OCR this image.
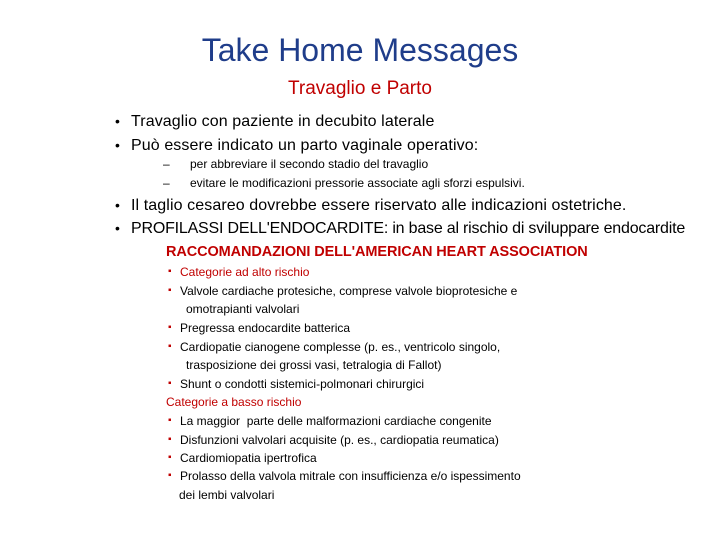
Take Home Messages
Travaglio e Parto
• Travaglio con paziente in decubito laterale
• Può essere indicato un parto vaginale operativo:
– per abbreviare il secondo stadio del travaglio
– evitare le modificazioni pressorie associate agli sforzi espulsivi.
• Il taglio cesareo dovrebbe essere riservato alle indicazioni ostetriche.
• PROFILASSI DELL'ENDOCARDITE: in base al rischio di sviluppare endocardite
RACCOMANDAZIONI DELL'AMERICAN HEART ASSOCIATION
▪ Categorie ad alto rischio
▪ Valvole cardiache protesiche, comprese valvole bioprotesiche e
omotrapianti valvolari
▪ Pregressa endocardite batterica
▪ Cardiopatie cianogene complesse (p. es., ventricolo singolo,
trasposizione dei grossi vasi, tetralogia di Fallot)
▪ Shunt o condotti sistemici-polmonari chirurgici
Categorie a basso rischio
▪ La maggior  parte delle malformazioni cardiache congenite
▪ Disfunzioni valvolari acquisite (p. es., cardiopatia reumatica)
▪ Cardiomiopatia ipertrofica
▪ Prolasso della valvola mitrale con insufficienza e/o ispessimento
dei lembi valvolari
